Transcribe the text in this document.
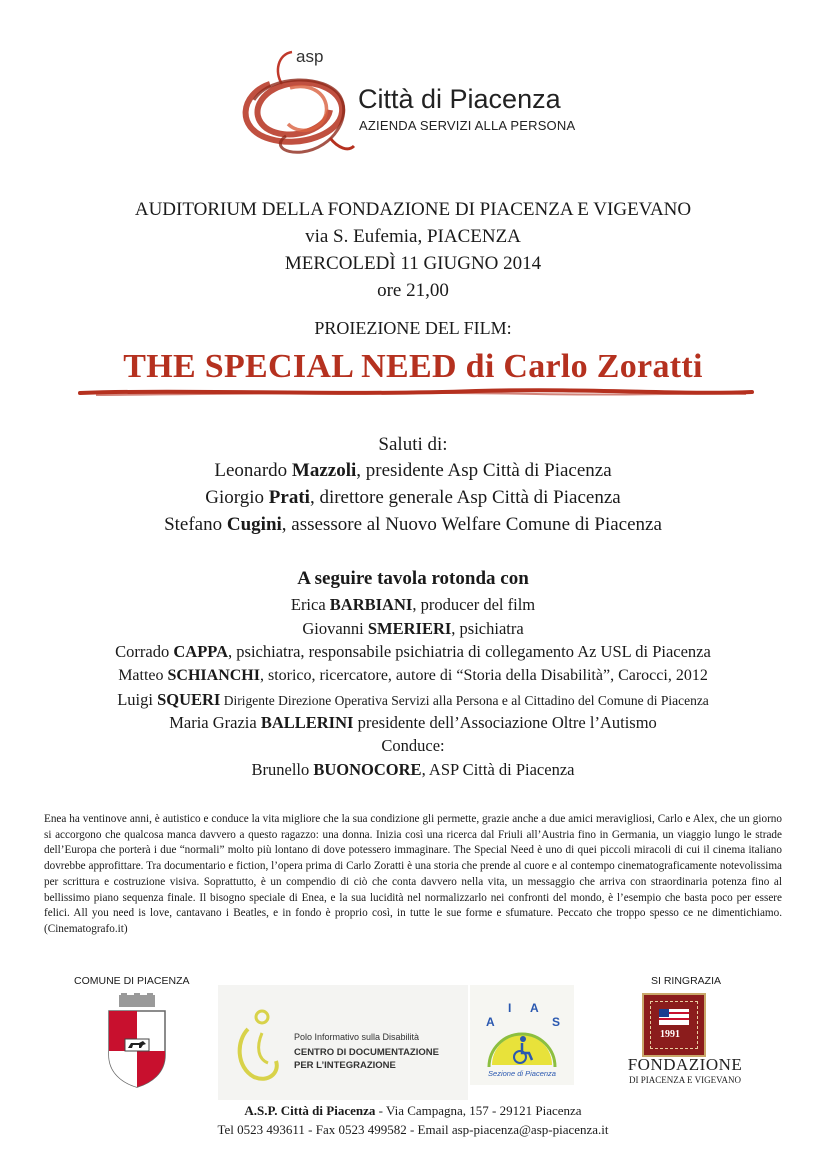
asp
Città di Piacenza
AZIENDA SERVIZI ALLA PERSONA
AUDITORIUM DELLA FONDAZIONE DI PIACENZA E VIGEVANO
via S. Eufemia, PIACENZA
MERCOLEDÌ 11 GIUGNO 2014
ore 21,00
PROIEZIONE DEL FILM:
THE SPECIAL NEED di Carlo Zoratti
Saluti di:
Leonardo Mazzoli, presidente Asp Città di Piacenza
Giorgio Prati, direttore generale Asp Città di Piacenza
Stefano Cugini, assessore al Nuovo Welfare Comune di Piacenza
A seguire tavola rotonda con
Erica BARBIANI, producer del film
Giovanni SMERIERI, psichiatra
Corrado CAPPA, psichiatra, responsabile psichiatria di collegamento Az USL di Piacenza
Matteo SCHIANCHI, storico, ricercatore, autore di “Storia della Disabilità”, Carocci, 2012
Luigi SQUERI Dirigente Direzione Operativa Servizi alla Persona e al Cittadino del Comune di Piacenza
Maria Grazia BALLERINI presidente dell’Associazione Oltre l’Autismo
Conduce:
Brunello BUONOCORE, ASP Città di Piacenza
Enea ha ventinove anni, è autistico e conduce la vita migliore che la sua condizione gli permette, grazie anche a due amici meravigliosi, Carlo e Alex, che un giorno si accorgono che qualcosa manca davvero a questo ragazzo: una donna. Inizia così una ricerca dal Friuli all’Austria fino in Germania, un viaggio lungo le strade dell’Europa che porterà i due “normali” molto più lontano di dove potessero immaginare. The Special Need è uno di quei piccoli miracoli di cui il cinema italiano dovrebbe approfittare. Tra documentario e fiction, l’opera prima di Carlo Zoratti è una storia che prende al cuore e al contempo cinematograficamente notevolissima per scrittura e costruzione visiva. Soprattutto, è un compendio di ciò che conta davvero nella vita, un messaggio che arriva con straordinaria potenza fino al bellissimo piano sequenza finale. Il bisogno speciale di Enea, e la sua lucidità nel normalizzarlo nei confronti del mondo, è l’esempio che basta poco per essere felici. All you need is love, cantavano i Beatles, e in fondo è proprio così, in tutte le sue forme e sfumature. Peccato che troppo spesso ce ne dimentichiamo. (Cinematografo.it)
COMUNE DI PIACENZA	SI RINGRAZIA
Polo Informativo sulla Disabilità
CENTRO DI DOCUMENTAZIONE
PER L’INTEGRAZIONE
A
I A
S
Sezione di Piacenza
1991
FONDAZIONE
DI PIACENZA E VIGEVANO
A.S.P. Città di Piacenza - Via Campagna, 157 - 29121 Piacenza
Tel 0523 493611 - Fax 0523 499582 - Email asp-piacenza@asp-piacenza.it
